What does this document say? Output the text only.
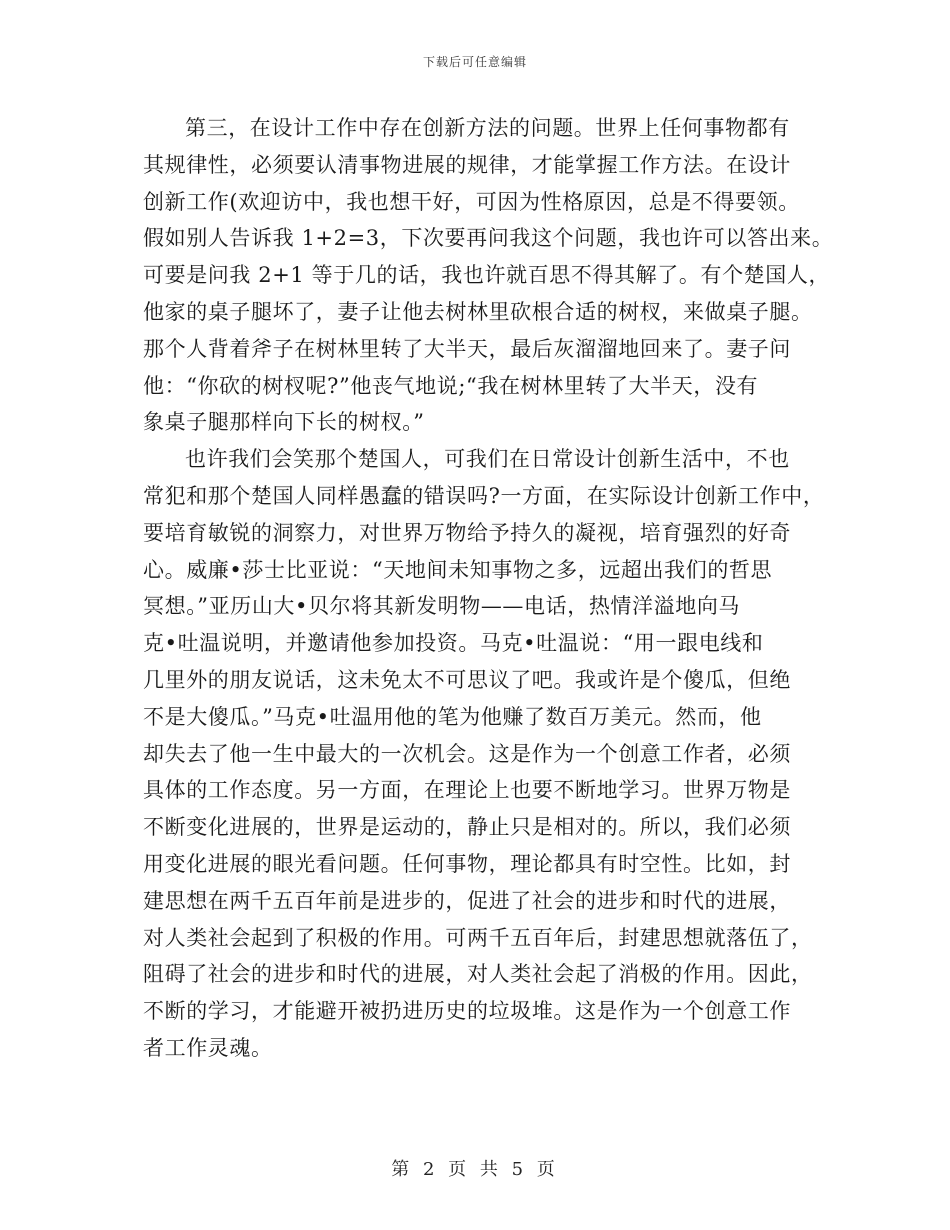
下载后可任意编辑
第三，在设计工作中存在创新方法的问题。世界上任何事物都有
其规律性，必须要认清事物进展的规律，才能掌握工作方法。在设计
创新工作(欢迎访中，我也想干好，可因为性格原因，总是不得要领。
假如别人告诉我 1+2=3，下次要再问我这个问题，我也许可以答出来。
可要是问我 2+1 等于几的话，我也许就百思不得其解了。有个楚国人，
他家的桌子腿坏了，妻子让他去树林里砍根合适的树杈，来做桌子腿。
那个人背着斧子在树林里转了大半天，最后灰溜溜地回来了。妻子问
他：“你砍的树杈呢?”他丧气地说;“我在树林里转了大半天，没有
象桌子腿那样向下长的树杈。”
也许我们会笑那个楚国人，可我们在日常设计创新生活中，不也
常犯和那个楚国人同样愚蠢的错误吗?一方面，在实际设计创新工作中，
要培育敏锐的洞察力，对世界万物给予持久的凝视，培育强烈的好奇
心。威廉•莎士比亚说：“天地间未知事物之多，远超出我们的哲思
冥想。”亚历山大•贝尔将其新发明物——电话，热情洋溢地向马
克•吐温说明，并邀请他参加投资。马克•吐温说：“用一跟电线和
几里外的朋友说话，这未免太不可思议了吧。我或许是个傻瓜，但绝
不是大傻瓜。”马克•吐温用他的笔为他赚了数百万美元。然而，他
却失去了他一生中最大的一次机会。这是作为一个创意工作者，必须
具体的工作态度。另一方面，在理论上也要不断地学习。世界万物是
不断变化进展的，世界是运动的，静止只是相对的。所以，我们必须
用变化进展的眼光看问题。任何事物，理论都具有时空性。比如，封
建思想在两千五百年前是进步的，促进了社会的进步和时代的进展，
对人类社会起到了积极的作用。可两千五百年后，封建思想就落伍了，
阻碍了社会的进步和时代的进展，对人类社会起了消极的作用。因此，
不断的学习，才能避开被扔进历史的垃圾堆。这是作为一个创意工作
者工作灵魂。
第 2 页 共 5 页
